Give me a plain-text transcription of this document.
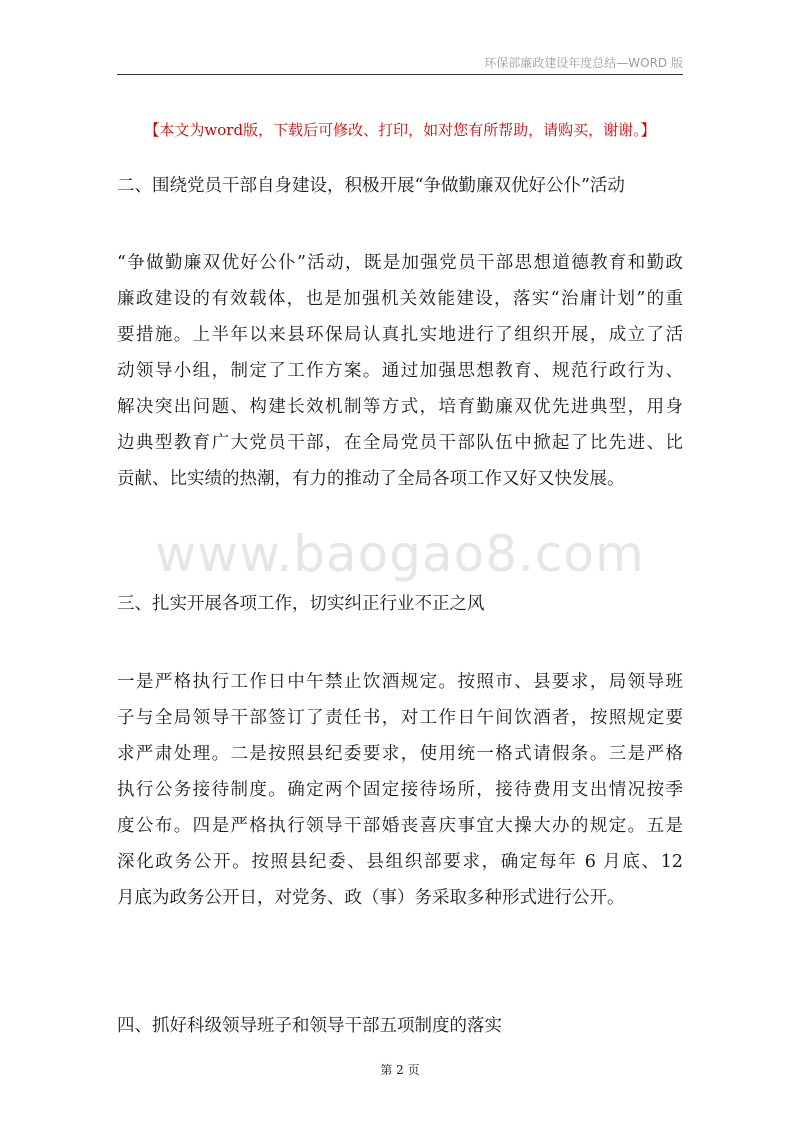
环保部廉政建设年度总结—WORD 版
【本文为word版，下载后可修改、打印，如对您有所帮助，请购买，谢谢。】
二、围绕党员干部自身建设，积极开展“争做勤廉双优好公仆”活动
“争做勤廉双优好公仆”活动，既是加强党员干部思想道德教育和勤政
廉政建设的有效载体，也是加强机关效能建设，落实“治庸计划”的重
要措施。上半年以来县环保局认真扎实地进行了组织开展，成立了活
动领导小组，制定了工作方案。通过加强思想教育、规范行政行为、
解决突出问题、构建长效机制等方式，培育勤廉双优先进典型，用身
边典型教育广大党员干部，在全局党员干部队伍中掀起了比先进、比
贡献、比实绩的热潮，有力的推动了全局各项工作又好又快发展。
www.baogao8.com
三、扎实开展各项工作，切实纠正行业不正之风
一是严格执行工作日中午禁止饮酒规定。按照市、县要求，局领导班
子与全局领导干部签订了责任书，对工作日午间饮酒者，按照规定要
求严肃处理。二是按照县纪委要求，使用统一格式请假条。三是严格
执行公务接待制度。确定两个固定接待场所，接待费用支出情况按季
度公布。四是严格执行领导干部婚丧喜庆事宜大操大办的规定。五是
深化政务公开。按照县纪委、县组织部要求，确定每年 6 月底、12
月底为政务公开日，对党务、政（事）务采取多种形式进行公开。
四、抓好科级领导班子和领导干部五项制度的落实
第 2 页
